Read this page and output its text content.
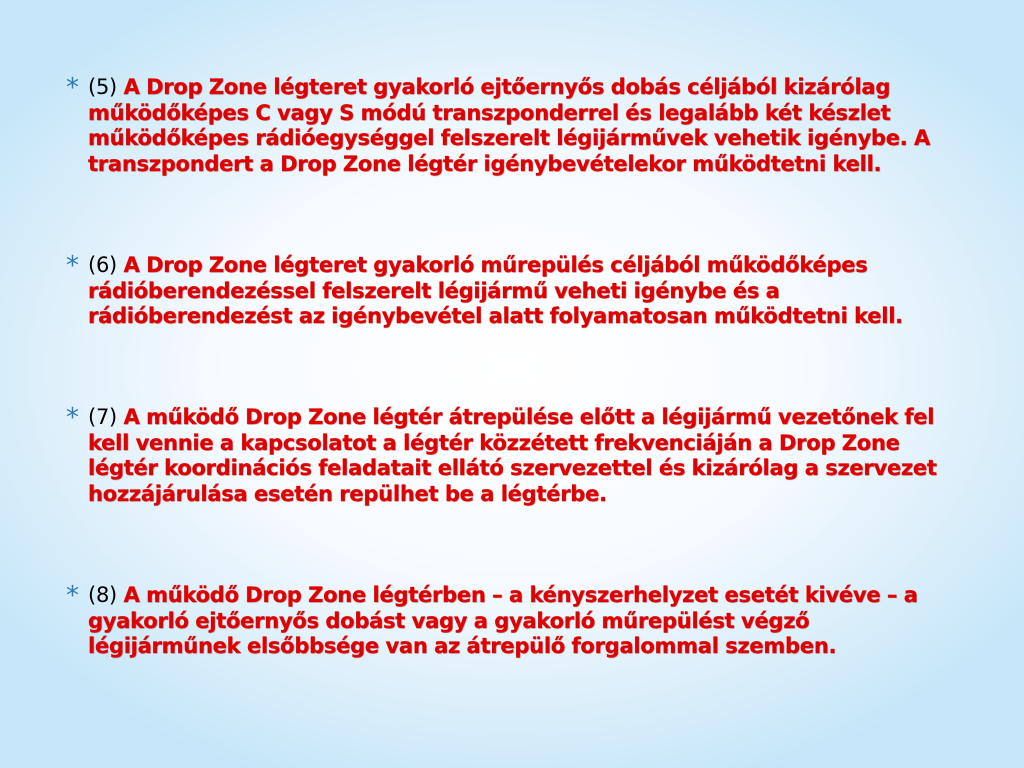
* (5) A Drop Zone légteret gyakorló ejtőernyős dobás céljából kizárólag működőképes C vagy S módú transzponderrel és legalább két készlet működőképes rádióegységgel felszerelt légijárművek vehetik igénybe. A transzpondert a Drop Zone légtér igénybevételekor működtetni kell.
* (6) A Drop Zone légteret gyakorló műrepülés céljából működőképes rádióberendezéssel felszerelt légijármű veheti igénybe és a rádióberendezést az igénybevétel alatt folyamatosan működtetni kell.
* (7) A működő Drop Zone légtér átrepülése előtt a légijármű vezetőnek fel kell vennie a kapcsolatot a légtér közzétett frekvenciáján a Drop Zone légtér koordinációs feladatait ellátó szervezettel és kizárólag a szervezet hozzájárulása esetén repülhet be a légtérbe.
* (8) A működő Drop Zone légtérben – a kényszerhelyzet esetét kivéve – a gyakorló ejtőernyős dobást vagy a gyakorló műrepülést végző légijárműnek elsőbbsége van az átrepülő forgalommal szemben.
